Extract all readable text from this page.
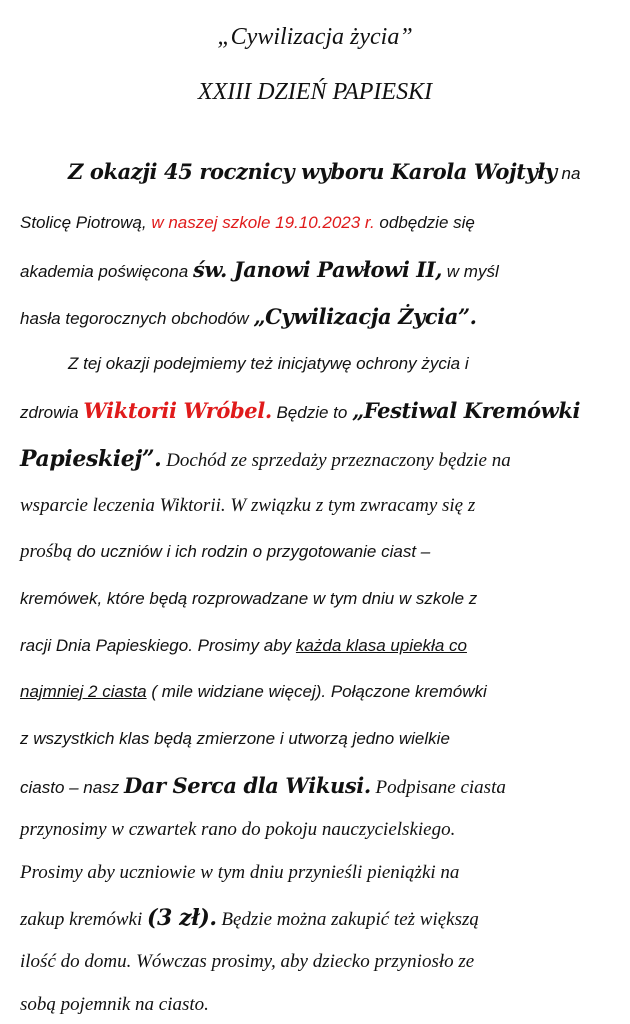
„Cywilizacja życia”
XXIII DZIEŃ PAPIESKI
Z okazji 45 rocznicy wyboru Karola Wojtyły na
Stolicę Piotrową, w naszej szkole 19.10.2023 r. odbędzie się
akademia poświęcona św. Janowi Pawłowi II, w myśl
hasła tegorocznych obchodów „Cywilizacja Życia”.
Z tej okazji podejmiemy też inicjatywę ochrony życia i
zdrowia Wiktorii Wróbel. Będzie to „Festiwal Kremówki
Papieskiej”. Dochód ze sprzedaży przeznaczony będzie na
wsparcie leczenia Wiktorii. W związku z tym zwracamy się z
prośbą do uczniów i ich rodzin o przygotowanie ciast –
kremówek, które będą rozprowadzane w tym dniu w szkole z
racji Dnia Papieskiego. Prosimy aby każda klasa upiekła co
najmniej 2 ciasta ( mile widziane więcej). Połączone kremówki
z wszystkich klas będą zmierzone i utworzą jedno wielkie
ciasto – nasz Dar Serca dla Wikusi. Podpisane ciasta
przynosimy w czwartek rano do pokoju nauczycielskiego.
Prosimy aby uczniowie w tym dniu przynieśli pieniążki na
zakup kremówki (3 zł). Będzie można zakupić też większą
ilość do domu. Wówczas prosimy, aby dziecko przyniosło ze
sobą pojemnik na ciasto.
